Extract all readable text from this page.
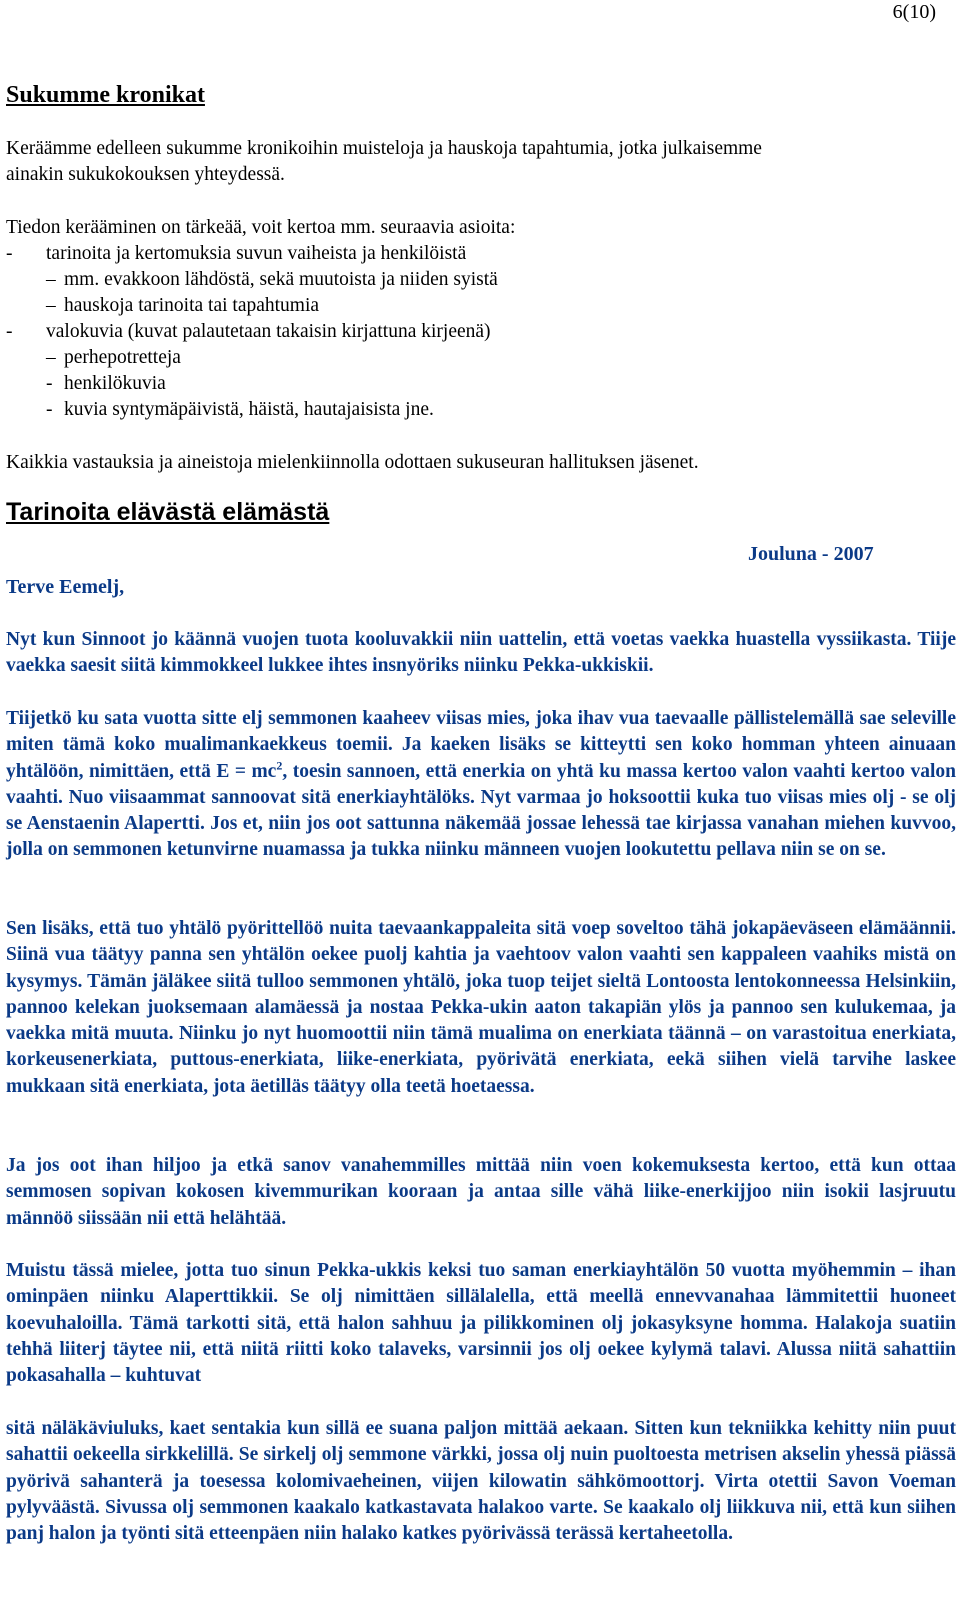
6(10)
Sukumme kronikat

Keräämme edelleen sukumme kronikoihin muisteloja ja hauskoja tapahtumia, jotka julkaisemme

ainakin sukukokouksen yhteydessä.

Tiedon kerääminen on tärkeää, voit kertoa mm. seuraavia asioita:

- tarinoita ja kertomuksia suvun vaiheista ja henkilöistä
– mm. evakkoon lähdöstä, sekä muutoista ja niiden syistä
– hauskoja tarinoita tai tapahtumia
- valokuvia (kuvat palautetaan takaisin kirjattuna kirjeenä)
– perhepotretteja
- henkilökuvia
- kuvia syntymäpäivistä, häistä, hautajaisista jne.

Kaikkia vastauksia ja aineistoja mielenkiinnolla odottaen sukuseuran hallituksen jäsenet.

Tarinoita elävästä elämästä
Jouluna - 2007
Terve Eemelj,

Nyt kun Sinnoot jo käännä vuojen tuota kooluvakkii niin uattelin, että voetas vaekka huastella vyssiikasta. Tiije vaekka saesit siitä kimmokkeel lukkee ihtes insnyöriks niinku Pekka-ukkiskii.

Tiijetkö ku sata vuotta sitte elj semmonen kaaheev viisas mies, joka ihav vua taevaalle pällistelemällä sae seleville miten tämä koko mualimankaekkeus toemii. Ja kaeken lisäks se kitteytti sen koko homman yhteen ainuaan yhtälöön, nimittäen, että $E = mc^2$, toesin sannoen, että enerkia on yhtä ku massa kertoo valon vaahti kertoo valon vaahti. Nuo viisaammat sannoovat sitä enerkiayhtälöks. Nyt varmaa jo hoksoottii kuka tuo viisas mies olj - se olj se Aenstaenin Alapertti. Jos et, niin jos oot sattunna näkemää jossae lehessä tae kirjassa vanahan miehen kuvvoo, jolla on semmonen ketunvirne nuamassa ja tukka niinku männeen vuojen lookutettu pellava niin se on se.

Sen lisäks, että tuo yhtälö pyörittellöö nuita taevaankappaleita sitä voep soveltoo tähä jokapäeväseen elämäännii. Siinä vua täätyy panna sen yhtälön oekee puolj kahtia ja vaehtoov valon vaahti sen kappaleen vaahiks mistä on kysymys. Tämän jäläkee siitä tulloo semmonen yhtälö, joka tuop teijet sieltä Lontoosta lentokonneessa Helsinkiin, pannoo kelekan juoksemaan alamäessä ja nostaa Pekka-ukin aaton takapiän ylös ja pannoo sen kulukemaa, ja vaekka mitä muuta. Niinku jo nyt huomoottii niin tämä mualima on enerkiata täännä – on varastoitua enerkiata, korkeusenerkiata, puttous-enerkiata, liike-enerkiata, pyörivätä enerkiata, eekä siihen vielä tarvihe laskee mukkaan sitä enerkiata, jota äetilläs täätyy olla teetä hoetaessa.

Ja jos oot ihan hiljoo ja etkä sanov vanahemmilles mittää niin voen kokemuksesta kertoo, että kun ottaa semmosen sopivan kokosen kivemmurikan kooraan ja antaa sille vähä liike-enerkijjoo niin isokii lasjruutu männöö siissään nii että helähtää.

Muistu tässä mielee, jotta tuo sinun Pekka-ukkis keksi tuo saman enerkiayhtälön 50 vuotta myöhemmin – ihan ominpäen niinku Alaperttikkii. Se olj nimittäen sillälalella, että meellä ennevvanahaa lämmitettii huoneet koevuhaloilla. Tämä tarkotti sitä, että halon sahhuu ja pilikkominen olj jokasyksyne homma. Halakoja suatiin tehhä liiterj täytee nii, että niitä riitti koko talaveks, varsinnii jos olj oekee kylymä talavi. Alussa niitä sahattiin pokasahalla – kuhtuvat

sitä näläkäviuluks, kaet sentakia kun sillä ee suana paljon mittää aekaan. Sitten kun tekniikka kehitty niin puut sahattii oekeella sirkkelillä. Se sirkelj olj semmone värkki, jossa olj nuin puoltoesta metrisen akselin yhessä piässä pyörivä sahanterä ja toesessa kolomivaeheinen, viijen kilowatin sähkömoottorj. Virta otettii Savon Voeman pylyväästä. Sivussa olj semmonen kaakalo katkastavata halakoo varte. Se kaakalo olj liikkuva nii, että kun siihen panj halon ja työnti sitä etteenpäen niin halako katkes pyörivässä terässä kertaheetolla.
